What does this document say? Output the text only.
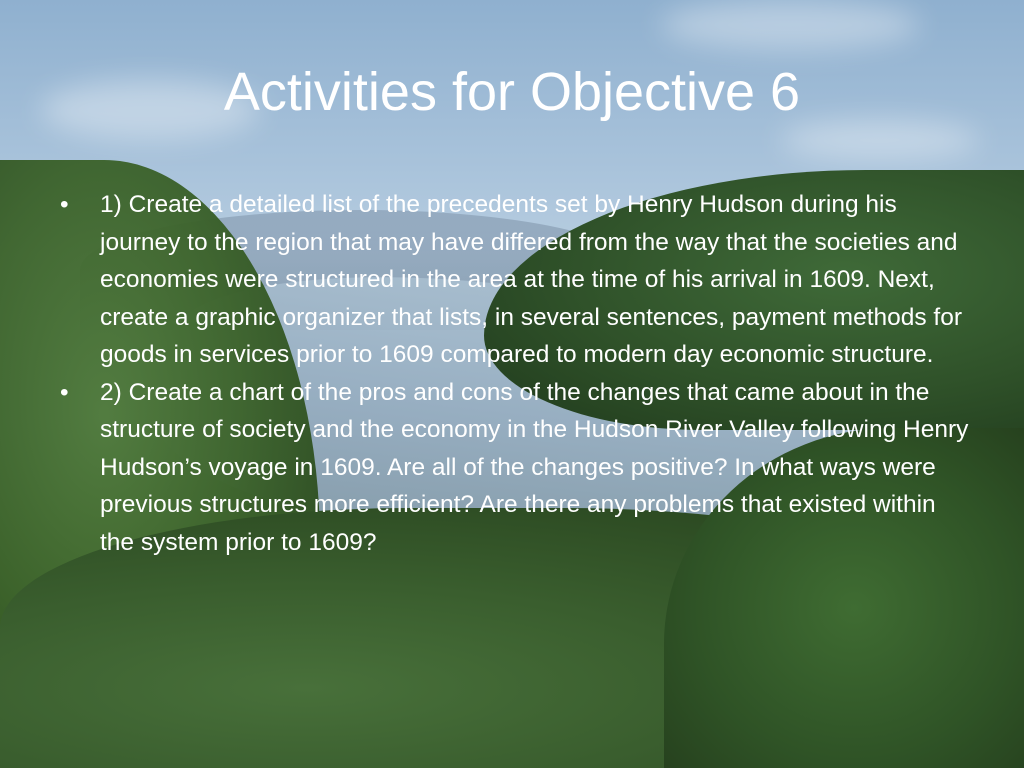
Activities for Objective 6
• 1) Create a detailed list of the precedents set by Henry Hudson during his journey to the region that may have differed from the way that the societies and economies were structured in the area at the time of his arrival in 1609. Next, create a graphic organizer that lists, in several sentences, payment methods for goods in services prior to 1609 compared to modern day economic structure.
• 2) Create a chart of the pros and cons of the changes that came about in the structure of society and the economy in the Hudson River Valley following Henry Hudson’s voyage in 1609. Are all of the changes positive? In what ways were previous structures more efficient? Are there any problems that existed within the system prior to 1609?
